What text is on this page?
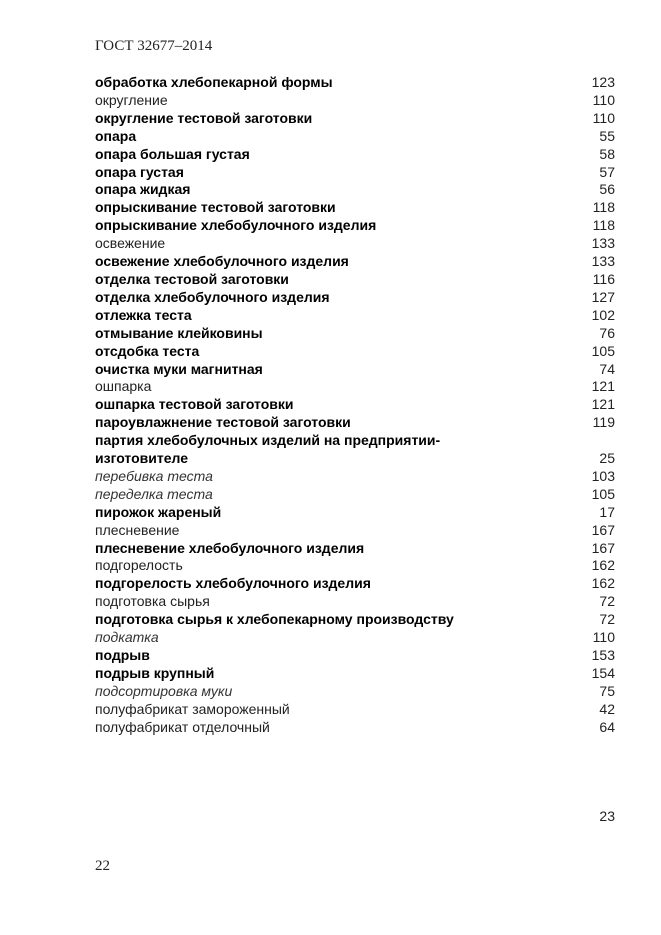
ГОСТ 32677–2014
обработка хлебопекарной формы	123
округление	110
округление тестовой заготовки	110
опара	55
опара большая густая	58
опара густая	57
опара жидкая	56
опрыскивание тестовой заготовки	118
опрыскивание хлебобулочного изделия	118
освежение	133
освежение хлебобулочного изделия	133
отделка тестовой заготовки	116
отделка хлебобулочного изделия	127
отлежка теста	102
отмывание клейковины	76
отсдобка теста	105
очистка муки магнитная	74
ошпарка	121
ошпарка тестовой заготовки	121
пароувлажнение тестовой заготовки	119
партия хлебобулочных изделий на предприятии-
изготовителе	25
перебивка теста	103
переделка теста	105
пирожок жареный	17
плесневение	167
плесневение хлебобулочного изделия	167
подгорелость	162
подгорелость хлебобулочного изделия	162
подготовка сырья	72
подготовка сырья к хлебопекарному производству	72
подкатка	110
подрыв	153
подрыв крупный	154
подсортировка муки	75
полуфабрикат замороженный	42
полуфабрикат отделочный	64
23
22
